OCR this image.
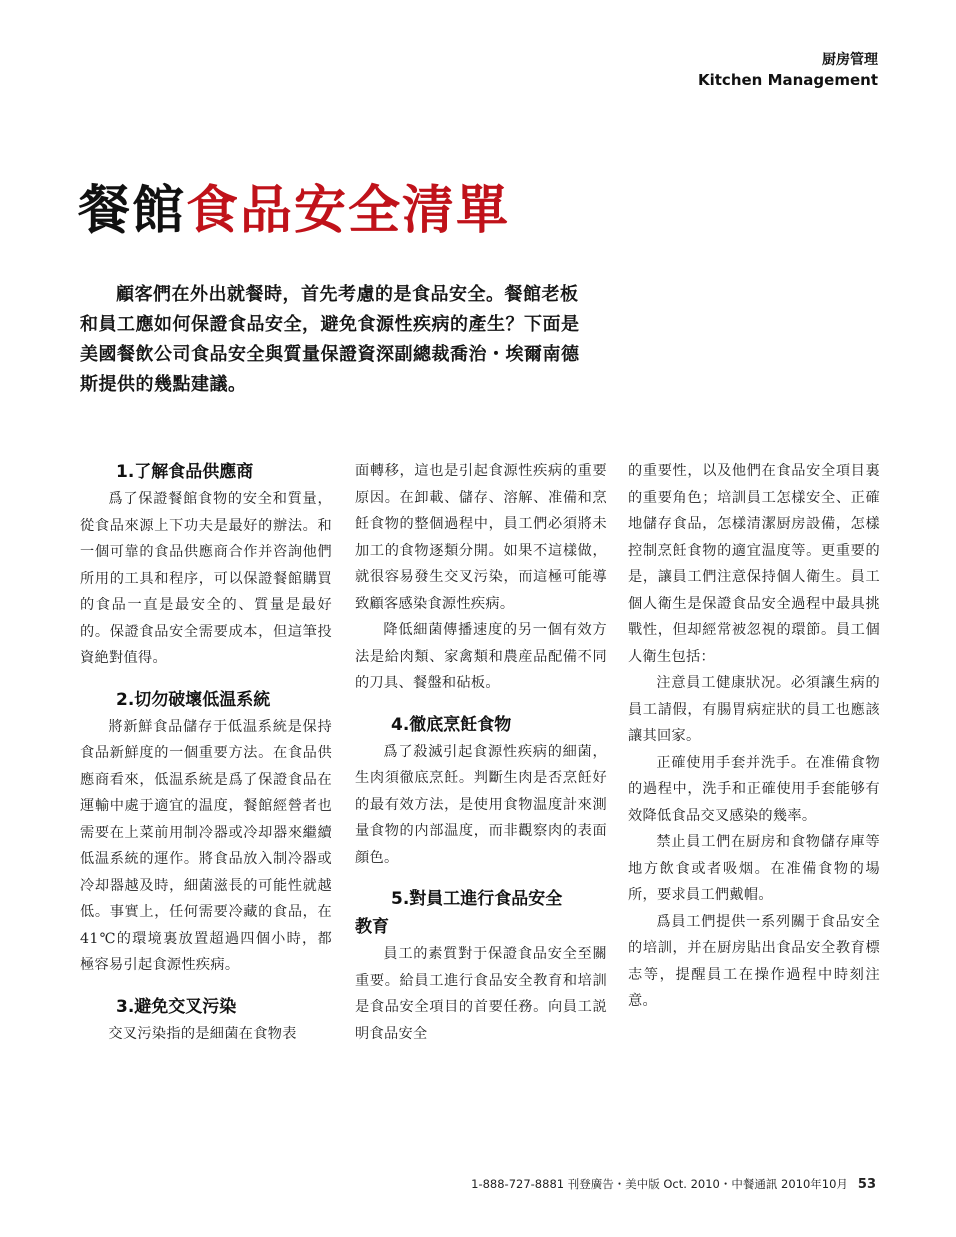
厨房管理
Kitchen Management
餐館食品安全清單

顧客們在外出就餐時，首先考慮的是食品安全。餐館老板和員工應如何保證食品安全，避免食源性疾病的產生？下面是美國餐飲公司食品安全與質量保證資深副總裁喬治・埃爾南德斯提供的幾點建議。

1.了解食品供應商

爲了保證餐館食物的安全和質量，從食品來源上下功夫是最好的辦法。和一個可靠的食品供應商合作并咨詢他們所用的工具和程序，可以保證餐館購買的食品一直是最安全的、質量是最好的。保證食品安全需要成本，但這筆投資絶對值得。

2.切勿破壞低温系統

將新鮮食品儲存于低温系統是保持食品新鮮度的一個重要方法。在食品供應商看來，低温系統是爲了保證食品在運輸中處于適宜的温度，餐館經營者也需要在上菜前用制冷器或冷却器來繼續低温系統的運作。將食品放入制冷器或冷却器越及時，細菌滋長的可能性就越低。事實上，任何需要冷藏的食品，在41℃的環境裏放置超過四個小時，都極容易引起食源性疾病。

3.避免交叉污染

交叉污染指的是細菌在食物表

面轉移，這也是引起食源性疾病的重要原因。在卸載、儲存、溶解、准備和烹飪食物的整個過程中，員工們必須將未加工的食物逐類分開。如果不這樣做，就很容易發生交叉污染，而這極可能導致顧客感染食源性疾病。

降低細菌傳播速度的另一個有效方法是給肉類、家禽類和農産品配備不同的刀具、餐盤和砧板。

4.徹底烹飪食物

爲了殺滅引起食源性疾病的細菌，生肉須徹底烹飪。判斷生肉是否烹飪好的最有效方法，是使用食物温度計來測量食物的内部温度，而非觀察肉的表面顔色。

5.對員工進行食品安全
教育

員工的素質對于保證食品安全至關重要。給員工進行食品安全教育和培訓是食品安全項目的首要任務。向員工説明食品安全

的重要性，以及他們在食品安全項目裏的重要角色；培訓員工怎樣安全、正確地儲存食品，怎樣清潔厨房設備，怎樣控制烹飪食物的適宜温度等。更重要的是，讓員工們注意保持個人衛生。員工個人衛生是保證食品安全過程中最具挑戰性，但却經常被忽視的環節。員工個人衛生包括：

注意員工健康狀况。必須讓生病的員工請假，有腸胃病症狀的員工也應該讓其回家。

正確使用手套并洗手。在准備食物的過程中，洗手和正確使用手套能够有效降低食品交叉感染的幾率。

禁止員工們在厨房和食物儲存庫等地方飲食或者吸烟。在准備食物的場所，要求員工們戴帽。

爲員工們提供一系列關于食品安全的培訓，并在厨房貼出食品安全教育標志等，提醒員工在操作過程中時刻注意。

1-888-727-8881 刊登廣告・美中版 Oct. 2010・中餐通訊 2010年10月 53
